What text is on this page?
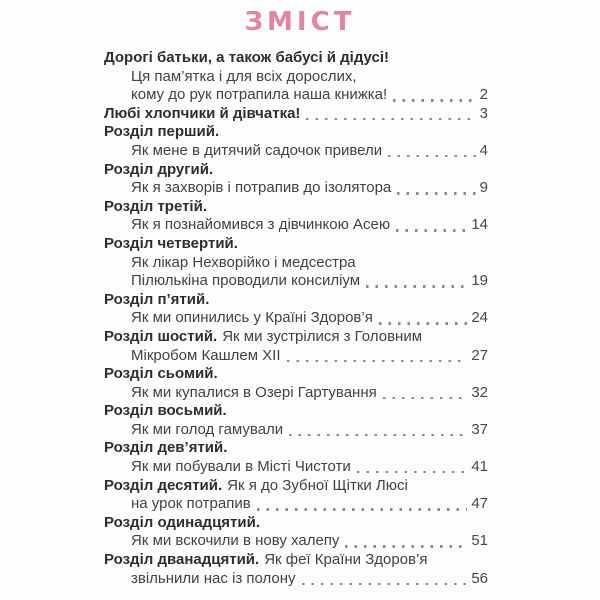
ЗМІСТ
Дорогі батьки, а також бабусі й дідусі!
Ця пам’ятка і для всіх дорослих,
кому до рук потрапила наша книжка!	2
Любі хлопчики й дівчатка!	3
Розділ перший.
Як мене в дитячий садочок привели	4
Розділ другий.
Як я захворів і потрапив до ізолятора	9
Розділ третій.
Як я познайомився з дівчинкою Асею	14
Розділ четвертий.
Як лікар Нехворійко і медсестра
Пілюлькіна проводили консиліум	19
Розділ п’ятий.
Як ми опинились у Країні Здоров’я	24
Розділ шостий. Як ми зустрілися з Головним
Мікробом Кашлем XII	27
Розділ сьомий.
Як ми купалися в Озері Гартування	32
Розділ восьмий.
Як ми голод гамували	37
Розділ дев’ятий.
Як ми побували в Місті Чистоти	41
Розділ десятий. Як я до Зубної Щітки Люсі
на урок потрапив	47
Розділ одинадцятий.
Як ми вскочили в нову халепу	51
Розділ дванадцятий. Як феї Країни Здоров’я
звільнили нас із полону	56
